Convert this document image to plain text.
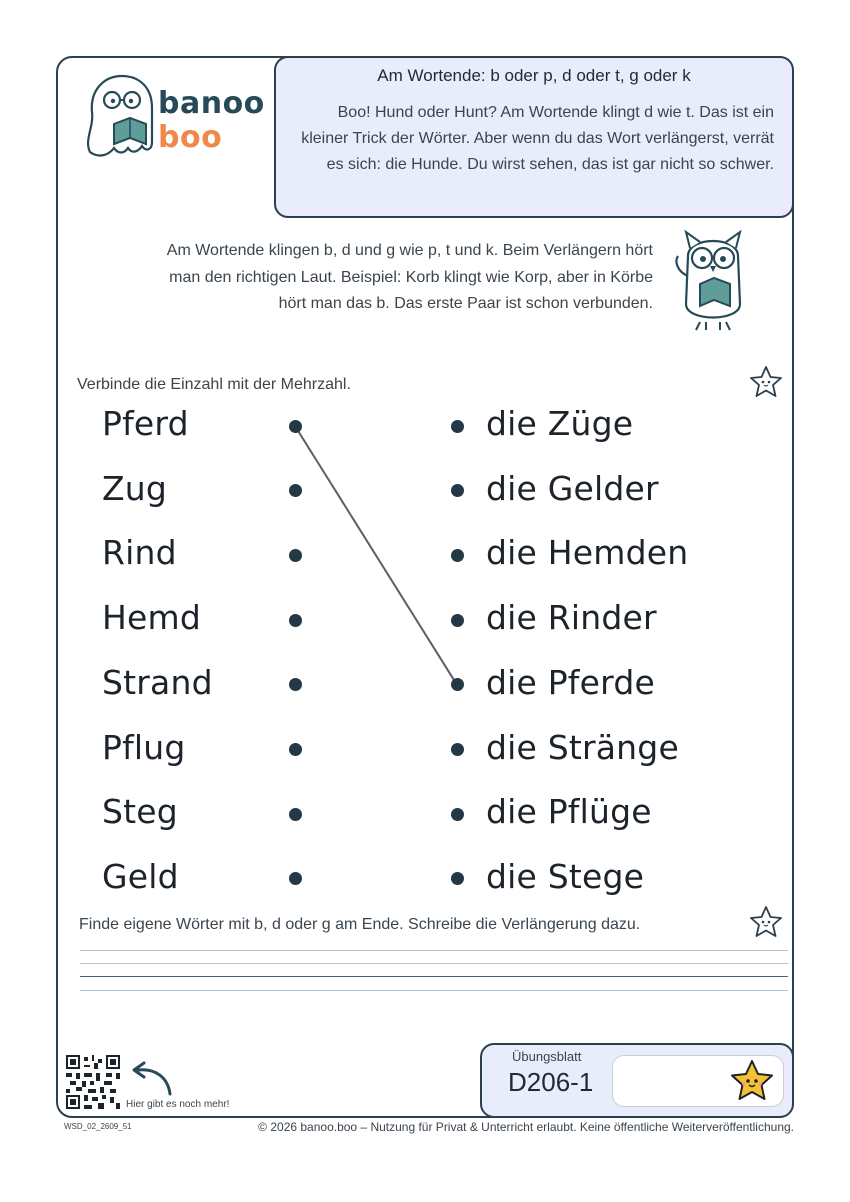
banoo
boo
Am Wortende: b oder p, d oder t, g oder k
Boo! Hund oder Hunt? Am Wortende klingt d wie t. Das ist ein kleiner Trick der Wörter. Aber wenn du das Wort verlängerst, verrät es sich: die Hunde. Du wirst sehen, das ist gar nicht so schwer.
Am Wortende klingen b, d und g wie p, t und k. Beim Verlängern hört man den richtigen Laut. Beispiel: Korb klingt wie Korp, aber in Körbe hört man das b. Das erste Paar ist schon verbunden.
Verbinde die Einzahl mit der Mehrzahl.
Pferd
Zug
Rind
Hemd
Strand
Pflug
Steg
Geld
die Züge
die Gelder
die Hemden
die Rinder
die Pferde
die Stränge
die Pflüge
die Stege
Finde eigene Wörter mit b, d oder g am Ende. Schreibe die Verlängerung dazu.
Hier gibt es noch mehr!
Übungsblatt
D206-1
WSD_02_2609_51	© 2026 banoo.boo – Nutzung für Privat & Unterricht erlaubt. Keine öffentliche Weiterveröffentlichung.
